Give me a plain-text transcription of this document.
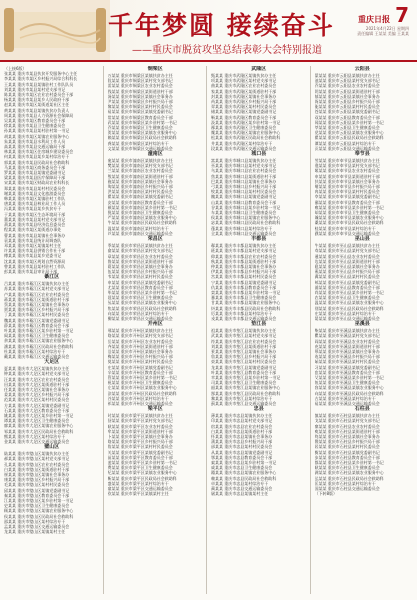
千年梦圆 接续奋斗
——重庆市脱贫攻坚总结表彰大会特别报道
重庆日报 7
2021年4月22日 星期四
责任编辑 王某某 美编 王某某
（上接6版）
张某某 重庆市某县扶贫开发服务中心主任
李某某 重庆市某区乡村振兴局综合科科长
王某某 重庆市某县某镇驻村工作队队员
刘某某 重庆市某县某村党支部书记
陈某某 重庆市某区农业农村委员会干部
杨某某 重庆市某县某乡人民政府干部
赵某某 重庆市某区某街道某社区主任
黄某某 重庆市某县某镇扶贫办负责人
周某某 重庆市某县人力资源社会保障局
吴某某 重庆市某区教育委员会干部
徐某某 重庆市某县卫生健康委员会
孙某某 重庆市某县某村驻村第一书记
胡某某 重庆市某区某镇农业服务中心
朱某某 重庆市某县水利局工作人员
高某某 重庆市某县交通运输局干部
林某某 重庆市某区住房城乡建设委员会
何某某 重庆市某县某乡某村综治专干
郭某某 重庆市某县民政局社会救助科
马某某 重庆市某区商务委员会干部
罗某某 重庆市某县某镇党委副书记
梁某某 重庆市某县医疗保障局干部
宋某某 重庆市某区财政局农业科科长
郑某某 重庆市某县某村村民委员会
谢某某 重庆市某县文化旅游委员会
韩某某 重庆市某区某镇驻村工作队
唐某某 重庆市某县林业局工作人员
冯某某 重庆市某县某乡扶贫专干
于某某 重庆市某区生态环境局干部
董某某 重庆市某县某村党支部书记
萧某某 重庆市某县经济信息委员会
程某某 重庆市某区某街道办事处
曹某某 重庆市某县某镇社会事务办
袁某某 重庆市某县统计局调查队
邓某某 重庆市某区某镇某村主任
许某某 重庆市某县供销合作社干部
傅某某 重庆市某县某乡党委书记
沈某某 重庆市某区规划自然资源局
曾某某 重庆市某县某村驻村工作队
彭某某 重庆市某县审计局干部
綦江区
吕某某 重庆市綦江区某镇扶贫办主任
苏某某 重庆市綦江区某村党支部书记
卢某某 重庆市綦江区农业农村委员会
蒋某某 重庆市綦江区某街道驻村干部
蔡某某 重庆市綦江区某镇社会事务办
贾某某 重庆市綦江区乡村振兴局干部
丁某某 重庆市綦江区某村村民委员会
魏某某 重庆市綦江区某镇党委副书记
薛某某 重庆市綦江区教育委员会干部
叶某某 重庆市綦江区某乡驻村第一书记
阎某某 重庆市綦江区卫生健康委员会
余某某 重庆市綦江区某镇农业服务中心
潘某某 重庆市綦江区民政局社会救助科
杜某某 重庆市綦江区某村综治专干
戴某某 重庆市綦江区交通运输委员会
大足区
夏某某 重庆市大足区某镇扶贫办主任
钟某某 重庆市大足区某村党支部书记
汪某某 重庆市大足区农业农村委员会
田某某 重庆市大足区某街道驻村干部
任某某 重庆市大足区某镇社会事务办
姜某某 重庆市大足区乡村振兴局干部
范某某 重庆市大足区某村村民委员会
方某某 重庆市大足区某镇党委副书记
石某某 重庆市大足区教育委员会干部
姚某某 重庆市大足区某乡驻村第一书记
谭某某 重庆市大足区卫生健康委员会
廖某某 重庆市大足区某镇农业服务中心
邹某某 重庆市大足区民政局社会救助科
熊某某 重庆市大足区某村综治专干
金某某 重庆市大足区交通运输委员会
璧山区
陆某某 重庆市璧山区某镇扶贫办主任
郝某某 重庆市璧山区某村党支部书记
孔某某 重庆市璧山区农业农村委员会
白某某 重庆市璧山区某街道驻村干部
崔某某 重庆市璧山区某镇社会事务办
康某某 重庆市璧山区乡村振兴局干部
毛某某 重庆市璧山区某村村民委员会
邱某某 重庆市璧山区某镇党委副书记
秦某某 重庆市璧山区教育委员会干部
江某某 重庆市璧山区某乡驻村第一书记
史某某 重庆市璧山区卫生健康委员会
顾某某 重庆市璧山区某镇农业服务中心
侯某某 重庆市璧山区民政局社会救助科
邵某某 重庆市璧山区某村综治专干
孟某某 重庆市璧山区交通运输委员会
龙某某 重庆市璧山区某镇某村主任
铜梁区
万某某 重庆市铜梁区某镇扶贫办主任
段某某 重庆市铜梁区某村党支部书记
雷某某 重庆市铜梁区农业农村委员会
钱某某 重庆市铜梁区某街道驻村干部
汤某某 重庆市铜梁区某镇社会事务办
尹某某 重庆市铜梁区乡村振兴局干部
黎某某 重庆市铜梁区某村村民委员会
易某某 重庆市铜梁区某镇党委副书记
常某某 重庆市铜梁区教育委员会干部
武某某 重庆市铜梁区某乡驻村第一书记
乔某某 重庆市铜梁区卫生健康委员会
贺某某 重庆市铜梁区某镇农业服务中心
赖某某 重庆市铜梁区民政局社会救助科
龚某某 重庆市铜梁区某村综治专干
文某某 重庆市铜梁区交通运输委员会
潼南区
庞某某 重庆市潼南区某镇扶贫办主任
樊某某 重庆市潼南区某村党支部书记
兰某某 重庆市潼南区农业农村委员会
殷某某 重庆市潼南区某街道驻村干部
施某某 重庆市潼南区某镇社会事务办
陶某某 重庆市潼南区乡村振兴局干部
洪某某 重庆市潼南区某村村民委员会
翟某某 重庆市潼南区某镇党委副书记
安某某 重庆市潼南区教育委员会干部
颜某某 重庆市潼南区某乡驻村第一书记
倪某某 重庆市潼南区卫生健康委员会
严某某 重庆市潼南区某镇农业服务中心
牛某某 重庆市潼南区民政局社会救助科
温某某 重庆市潼南区某村综治专干
芦某某 重庆市潼南区交通运输委员会
荣昌区
季某某 重庆市荣昌区某镇扶贫办主任
俞某某 重庆市荣昌区某村党支部书记
章某某 重庆市荣昌区农业农村委员会
鲁某某 重庆市荣昌区某街道驻村干部
葛某某 重庆市荣昌区某镇社会事务办
伍某某 重庆市荣昌区乡村振兴局干部
韦某某 重庆市荣昌区某村村民委员会
申某某 重庆市荣昌区某镇党委副书记
尤某某 重庆市荣昌区教育委员会干部
毕某某 重庆市荣昌区某乡驻村第一书记
聂某某 重庆市荣昌区卫生健康委员会
丛某某 重庆市荣昌区某镇农业服务中心
焦某某 重庆市荣昌区民政局社会救助科
向某某 重庆市荣昌区某村综治专干
柳某某 重庆市荣昌区交通运输委员会
开州区
邢某某 重庆市开州区某镇扶贫办主任
路某某 重庆市开州区某村党支部书记
岳某某 重庆市开州区农业农村委员会
齐某某 重庆市开州区某街道驻村干部
沿某某 重庆市开州区某镇社会事务办
梅某某 重庆市开州区乡村振兴局干部
莫某某 重庆市开州区某村村民委员会
庄某某 重庆市开州区某镇党委副书记
辛某某 重庆市开州区教育委员会干部
管某某 重庆市开州区某乡驻村第一书记
祝某某 重庆市开州区卫生健康委员会
左某某 重庆市开州区某镇农业服务中心
涂某某 重庆市开州区民政局社会救助科
谷某某 重庆市开州区某村综治专干
祁某某 重庆市开州区交通运输委员会
梁平区
时某某 重庆市梁平区某镇扶贫办主任
舒某某 重庆市梁平区某村党支部书记
耿某某 重庆市梁平区农业农村委员会
牟某某 重庆市梁平区某街道驻村干部
卜某某 重庆市梁平区某镇社会事务办
路某某 重庆市梁平区乡村振兴局干部
詹某某 重庆市梁平区某村村民委员会
关某某 重庆市梁平区某镇党委副书记
苗某某 重庆市梁平区教育委员会干部
凌某某 重庆市梁平区某乡驻村第一书记
费某某 重庆市梁平区卫生健康委员会
纪某某 重庆市梁平区某镇农业服务中心
靳某某 重庆市梁平区民政局社会救助科
盛某某 重庆市梁平区某村综治专干
童某某 重庆市梁平区交通运输委员会
欧某某 重庆市梁平区某镇某村主任
武隆区
甄某某 重庆市武隆区某镇扶贫办主任
项某某 重庆市武隆区某村党支部书记
曲某某 重庆市武隆区农业农村委员会
家某某 重庆市武隆区某街道驻村干部
封某某 重庆市武隆区某镇社会事务办
芮某某 重庆市武隆区乡村振兴局干部
羿某某 重庆市武隆区某村村民委员会
储某某 重庆市武隆区某镇党委副书记
靳某某 重庆市武隆区教育委员会干部
汲某某 重庆市武隆区某乡驻村第一书记
邴某某 重庆市武隆区卫生健康委员会
糜某某 重庆市武隆区某镇农业服务中心
松某某 重庆市武隆区民政局社会救助科
井某某 重庆市武隆区某村综治专干
段某某 重庆市武隆区交通运输委员会
城口县
富某某 重庆市城口县某镇扶贫办主任
巫某某 重庆市城口县某村党支部书记
乌某某 重庆市城口县农业农村委员会
焦某某 重庆市城口县某街道驻村干部
巴某某 重庆市城口县某镇社会事务办
弓某某 重庆市城口县乡村振兴局干部
牧某某 重庆市城口县某村村民委员会
隗某某 重庆市城口县某镇党委副书记
山某某 重庆市城口县教育委员会干部
谷某某 重庆市城口县某乡驻村第一书记
车某某 重庆市城口县卫生健康委员会
侯某某 重庆市城口县某镇农业服务中心
宓某某 重庆市城口县民政局社会救助科
蓬某某 重庆市城口县某村综治专干
全某某 重庆市城口县交通运输委员会
丰都县
郗某某 重庆市丰都县某镇扶贫办主任
班某某 重庆市丰都县某村党支部书记
仰某某 重庆市丰都县农业农村委员会
秋某某 重庆市丰都县某街道驻村干部
仲某某 重庆市丰都县某镇社会事务办
伊某某 重庆市丰都县乡村振兴局干部
宫某某 重庆市丰都县某村村民委员会
宁某某 重庆市丰都县某镇党委副书记
仇某某 重庆市丰都县教育委员会干部
栾某某 重庆市丰都县某乡驻村第一书记
暴某某 重庆市丰都县卫生健康委员会
甘某某 重庆市丰都县某镇农业服务中心
钭某某 重庆市丰都县民政局社会救助科
厉某某 重庆市丰都县某村综治专干
戎某某 重庆市丰都县交通运输委员会
垫江县
祖某某 重庆市垫江县某镇扶贫办主任
武某某 重庆市垫江县某村党支部书记
符某某 重庆市垫江县农业农村委员会
刘某某 重庆市垫江县某街道驻村干部
景某某 重庆市垫江县某镇社会事务办
詹某某 重庆市垫江县乡村振兴局干部
束某某 重庆市垫江县某村村民委员会
龙某某 重庆市垫江县某镇党委副书记
叶某某 重庆市垫江县教育委员会干部
幸某某 重庆市垫江县某乡驻村第一书记
司某某 重庆市垫江县卫生健康委员会
韶某某 重庆市垫江县某镇农业服务中心
郜某某 重庆市垫江县民政局社会救助科
黎某某 重庆市垫江县某村综治专干
蓟某某 重庆市垫江县交通运输委员会
忠县
薄某某 重庆市忠县某镇扶贫办主任
印某某 重庆市忠县某村党支部书记
宿某某 重庆市忠县农业农村委员会
白某某 重庆市忠县某街道驻村干部
怀某某 重庆市忠县某镇社会事务办
蒲某某 重庆市忠县乡村振兴局干部
邰某某 重庆市忠县某村村民委员会
从某某 重庆市忠县某镇党委副书记
鄂某某 重庆市忠县教育委员会干部
索某某 重庆市忠县某乡驻村第一书记
咸某某 重庆市忠县卫生健康委员会
籍某某 重庆市忠县某镇农业服务中心
赖某某 重庆市忠县民政局社会救助科
卓某某 重庆市忠县某村综治专干
蔺某某 重庆市忠县交通运输委员会
屠某某 重庆市忠县某镇某村主任
云阳县
蒙某某 重庆市云阳县某镇扶贫办主任
池某某 重庆市云阳县某村党支部书记
乔某某 重庆市云阳县农业农村委员会
阴某某 重庆市云阳县某街道驻村干部
郁某某 重庆市云阳县某镇社会事务办
胥某某 重庆市云阳县乡村振兴局干部
能某某 重庆市云阳县某村村民委员会
苍某某 重庆市云阳县某镇党委副书记
双某某 重庆市云阳县教育委员会干部
闻某某 重庆市云阳县某乡驻村第一书记
莘某某 重庆市云阳县卫生健康委员会
党某某 重庆市云阳县某镇农业服务中心
翟某某 重庆市云阳县民政局社会救助科
谭某某 重庆市云阳县某村综治专干
贡某某 重庆市云阳县交通运输委员会
奉节县
劳某某 重庆市奉节县某镇扶贫办主任
逄某某 重庆市奉节县某村党支部书记
姬某某 重庆市奉节县农业农村委员会
申某某 重庆市奉节县某街道驻村干部
扶某某 重庆市奉节县某镇社会事务办
堵某某 重庆市奉节县乡村振兴局干部
冉某某 重庆市奉节县某村村民委员会
宰某某 重庆市奉节县某镇党委副书记
郦某某 重庆市奉节县教育委员会干部
雍某某 重庆市奉节县某乡驻村第一书记
却某某 重庆市奉节县卫生健康委员会
璩某某 重庆市奉节县某镇农业服务中心
桑某某 重庆市奉节县民政局社会救助科
桂某某 重庆市奉节县某村综治专干
濮某某 重庆市奉节县交通运输委员会
巫山县
牛某某 重庆市巫山县某镇扶贫办主任
寿某某 重庆市巫山县某村党支部书记
通某某 重庆市巫山县农业农村委员会
边某某 重庆市巫山县某街道驻村干部
扈某某 重庆市巫山县某镇社会事务办
燕某某 重庆市巫山县乡村振兴局干部
冀某某 重庆市巫山县某村村民委员会
郏某某 重庆市巫山县某镇党委副书记
浦某某 重庆市巫山县教育委员会干部
尚某某 重庆市巫山县某乡驻村第一书记
农某某 重庆市巫山县卫生健康委员会
温某某 重庆市巫山县某镇农业服务中心
别某某 重庆市巫山县民政局社会救助科
庄某某 重庆市巫山县某村综治专干
晏某某 重庆市巫山县交通运输委员会
巫溪县
柴某某 重庆市巫溪县某镇扶贫办主任
瞿某某 重庆市巫溪县某村党支部书记
阎某某 重庆市巫溪县农业农村委员会
充某某 重庆市巫溪县某街道驻村干部
慕某某 重庆市巫溪县某镇社会事务办
连某某 重庆市巫溪县乡村振兴局干部
茹某某 重庆市巫溪县某村村民委员会
习某某 重庆市巫溪县某镇党委副书记
宦某某 重庆市巫溪县教育委员会干部
艾某某 重庆市巫溪县某乡驻村第一书记
鱼某某 重庆市巫溪县卫生健康委员会
容某某 重庆市巫溪县某镇农业服务中心
向某某 重庆市巫溪县民政局社会救助科
古某某 重庆市巫溪县某村综治专干
易某某 重庆市巫溪县交通运输委员会
石柱县
慎某某 重庆市石柱县某镇扶贫办主任
戈某某 重庆市石柱县某村党支部书记
廖某某 重庆市石柱县农业农村委员会
庾某某 重庆市石柱县某街道驻村干部
终某某 重庆市石柱县某镇社会事务办
暨某某 重庆市石柱县乡村振兴局干部
居某某 重庆市石柱县某村村民委员会
衡某某 重庆市石柱县某镇党委副书记
步某某 重庆市石柱县教育委员会干部
都某某 重庆市石柱县某乡驻村第一书记
耿某某 重庆市石柱县卫生健康委员会
满某某 重庆市石柱县某镇农业服务中心
弘某某 重庆市石柱县民政局社会救助科
匡某某 重庆市石柱县某村综治专干
国某某 重庆市石柱县交通运输委员会
（下转8版）
